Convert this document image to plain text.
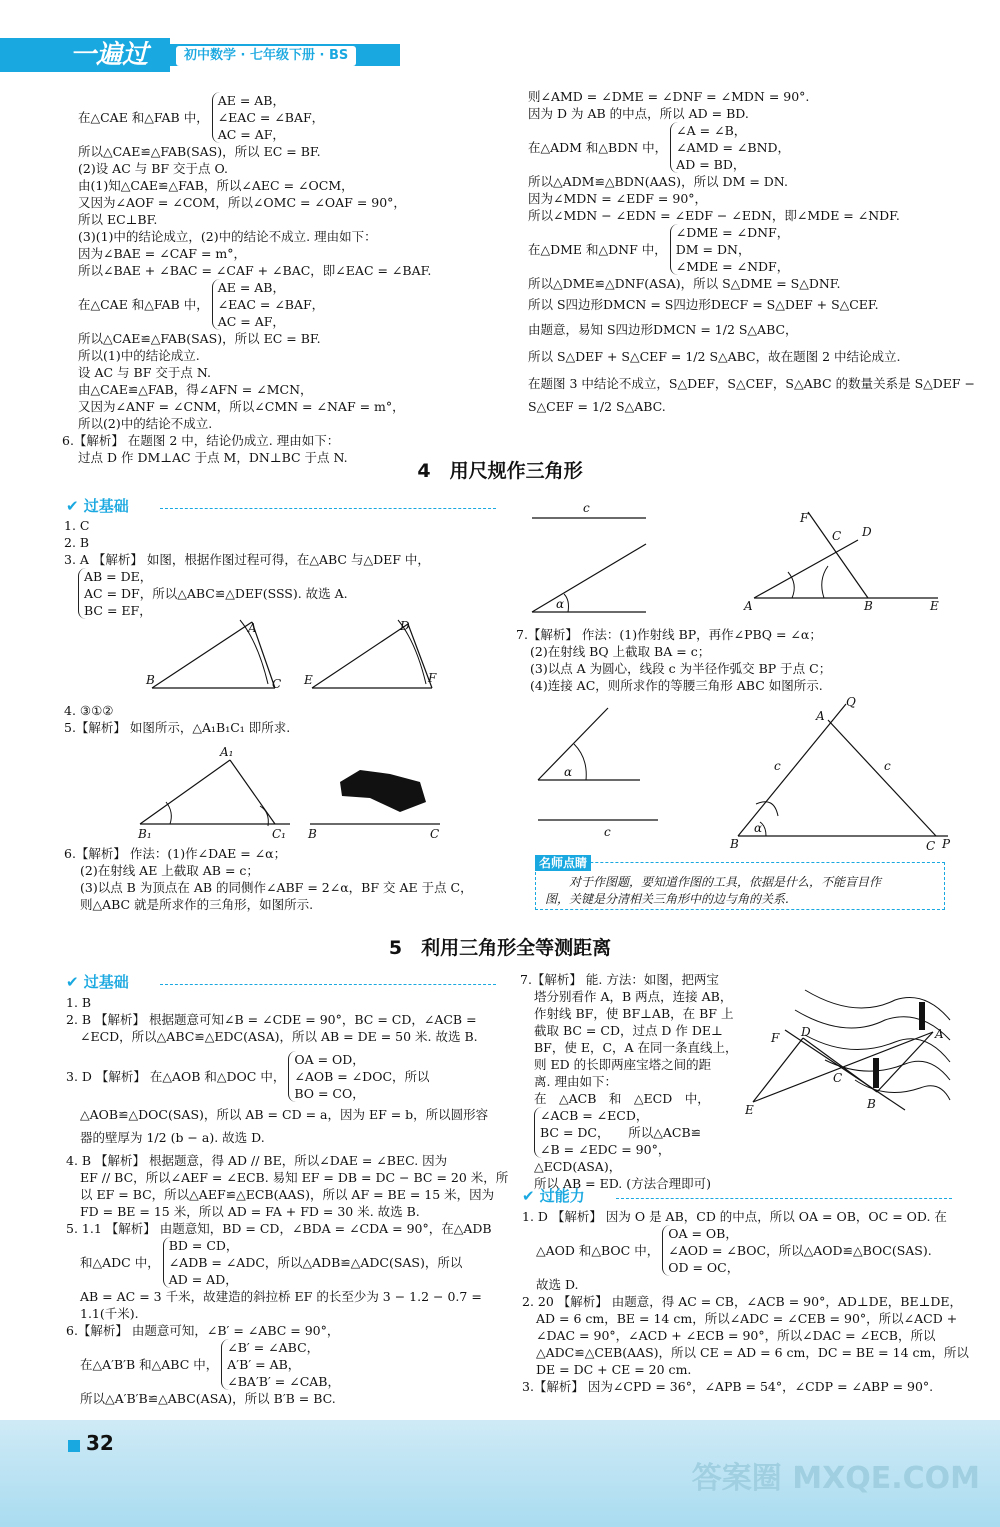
一遍过	初中数学 · 七年级下册 · BS
在△CAE 和△FAB 中，
AE = AB，
∠EAC = ∠BAF，
AC = AF，
所以△CAE≌△FAB(SAS)，所以 EC = BF.
(2)设 AC 与 BF 交于点 O.
由(1)知△CAE≌△FAB，所以∠AEC = ∠OCM，
又因为∠AOF = ∠COM，所以∠OMC = ∠OAF = 90°，
所以 EC⊥BF.
(3)(1)中的结论成立，(2)中的结论不成立. 理由如下：
因为∠BAE = ∠CAF = m°，
所以∠BAE + ∠BAC = ∠CAF + ∠BAC，即∠EAC = ∠BAF.
在△CAE 和△FAB 中，
AE = AB，
∠EAC = ∠BAF，
AC = AF，
所以△CAE≌△FAB(SAS)，所以 EC = BF.
所以(1)中的结论成立.
设 AC 与 BF 交于点 N.
由△CAE≌△FAB，得∠AFN = ∠MCN，
又因为∠ANF = ∠CNM，所以∠CMN = ∠NAF = m°，
所以(2)中的结论不成立.
6.【解析】 在题图 2 中，结论仍成立. 理由如下：
过点 D 作 DM⊥AC 于点 M，DN⊥BC 于点 N.
则∠AMD = ∠DME = ∠DNF = ∠MDN = 90°.
因为 D 为 AB 的中点，所以 AD = BD.
在△ADM 和△BDN 中，
∠A = ∠B，
∠AMD = ∠BND，
AD = BD，
所以△ADM≌△BDN(AAS)，所以 DM = DN.
因为∠MDN = ∠EDF = 90°，
所以∠MDN − ∠EDN = ∠EDF − ∠EDN，即∠MDE = ∠NDF.
在△DME 和△DNF 中，
∠DME = ∠DNF，
DM = DN，
∠MDE = ∠NDF，
所以△DME≌△DNF(ASA)，所以 S△DME = S△DNF.
所以 S四边形DMCN = S四边形DECF = S△DEF + S△CEF.
由题意，易知 S四边形DMCN = 1/2 S△ABC，
所以 S△DEF + S△CEF = 1/2 S△ABC，故在题图 2 中结论成立.
在题图 3 中结论不成立，S△DEF，S△CEF，S△ABC 的数量关系是 S△DEF −
S△CEF = 1/2 S△ABC.
4　用尺规作三角形
✔ 过基础
1. C
2. B
3. A 【解析】 如图，根据作图过程可得，在△ABC 与△DEF 中，
AB = DE，
AC = DF，所以△ABC≌△DEF(SSS). 故选 A.
BC = EF，
B
A
C E
D
F
4. ③①②
5.【解析】 如图所示，△A₁B₁C₁ 即所求.
B₁
A₁
C₁ B	C
6.【解析】 作法：(1)作∠DAE = ∠α；
(2)在射线 AE 上截取 AB = c；
(3)以点 B 为顶点在 AB 的同侧作∠ABF = 2∠α，BF 交 AE 于点 C，
则△ABC 就是所求作的三角形，如图所示.
c
α	A
F
C D
B	E
7.【解析】 作法：(1)作射线 BP，再作∠PBQ = ∠α；
(2)在射线 BQ 上截取 BA = c；
(3)以点 A 为圆心，线段 c 为半径作弧交 BP 于点 C；
(4)连接 AC，则所求作的等腰三角形 ABC 如图所示.
α
c	α
B
A
Q
c	c
C P
名师点睛
对于作图题，要知道作图的工具，依据是什么，不能盲目作
图，关键是分清相关三角形中的边与角的关系.
5　利用三角形全等测距离
✔ 过基础
1. B
2. B 【解析】 根据题意可知∠B = ∠CDE = 90°，BC = CD，∠ACB =
∠ECD，所以△ABC≌△EDC(ASA)，所以 AB = DE = 50 米. 故选 B.
3. D 【解析】 在△AOB 和△DOC 中，
OA = OD，
∠AOB = ∠DOC，所以
BO = CO，
△AOB≌△DOC(SAS)，所以 AB = CD = a，因为 EF = b，所以圆形容
器的壁厚为 1/2 (b − a). 故选 D.
4. B 【解析】 根据题意，得 AD // BE，所以∠DAE = ∠BEC. 因为
EF // BC，所以∠AEF = ∠ECB. 易知 EF = DB = DC − BC = 20 米，所
以 EF = BC，所以△AEF≌△ECB(AAS)，所以 AF = BE = 15 米，因为
FD = BE = 15 米，所以 AD = FA + FD = 30 米. 故选 B.
5. 1.1 【解析】 由题意知，BD = CD，∠BDA = ∠CDA = 90°，在△ADB
和△ADC 中，
BD = CD，
∠ADB = ∠ADC，所以△ADB≌△ADC(SAS)，所以
AD = AD，
AB = AC = 3 千米，故建造的斜拉桥 EF 的长至少为 3 − 1.2 − 0.7 =
1.1(千米).
6.【解析】 由题意可知，∠B′ = ∠ABC = 90°，
在△A′B′B 和△ABC 中，
∠B′ = ∠ABC，
A′B′ = AB，
∠BA′B′ = ∠CAB，
所以△A′B′B≌△ABC(ASA)，所以 B′B = BC.
7.【解析】 能. 方法：如图，把两宝
塔分别看作 A，B 两点，连接 AB，
作射线 BF，使 BF⊥AB，在 BF 上
截取 BC = CD，过点 D 作 DE⊥
BF，使 E，C，A 在同一条直线上，
则 ED 的长即两座宝塔之间的距
离. 理由如下：
在　△ACB　和　△ECD　中，
∠ACB = ∠ECD，
BC = DC，　　所以△ACB≌
∠B = ∠EDC = 90°，
△ECD(ASA)，
所以 AB = ED. (方法合理即可)
F D
C
A
B
E
✔ 过能力
1. D 【解析】 因为 O 是 AB，CD 的中点，所以 OA = OB，OC = OD. 在
△AOD 和△BOC 中，
OA = OB，
∠AOD = ∠BOC，所以△AOD≌△BOC(SAS).
OD = OC，
故选 D.
2. 20 【解析】 由题意，得 AC = CB，∠ACB = 90°，AD⊥DE，BE⊥DE，
AD = 6 cm，BE = 14 cm，所以∠ADC = ∠CEB = 90°，所以∠ACD +
∠DAC = 90°，∠ACD + ∠ECB = 90°，所以∠DAC = ∠ECB，所以
△ADC≌△CEB(AAS)，所以 CE = AD = 6 cm，DC = BE = 14 cm，所以
DE = DC + CE = 20 cm.
3.【解析】 因为∠CPD = 36°，∠APB = 54°，∠CDP = ∠ABP = 90°.
32
答案圈 MXQE.COM
